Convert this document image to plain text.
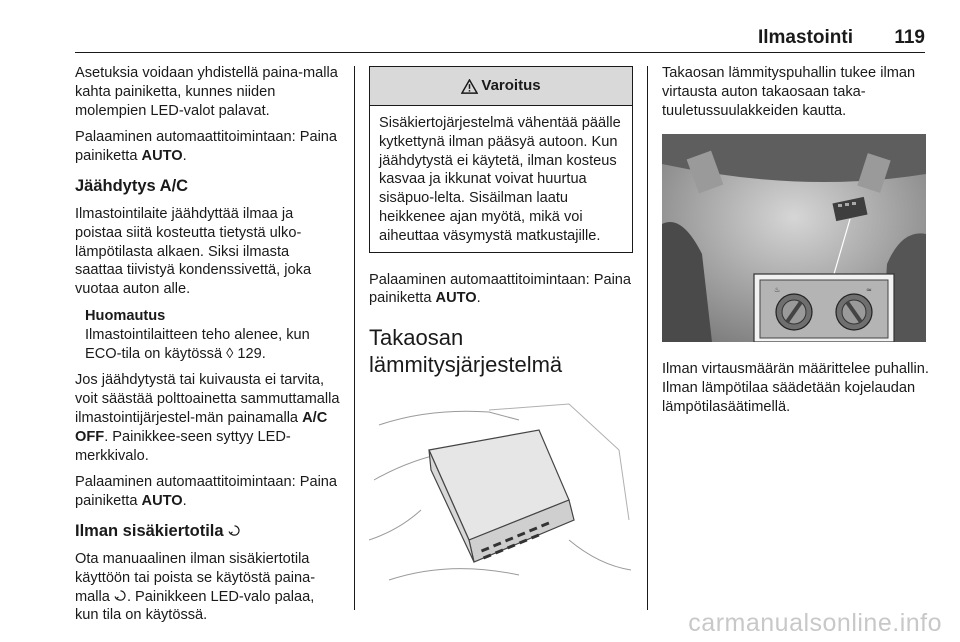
Ilmastointi 119

Asetuksia voidaan yhdistellä paina-malla kahta painiketta, kunnes niiden molempien LED-valot palavat.

Palaaminen automaattitoimintaan: Paina painiketta AUTO.

Jäähdytys A/C

Ilmastointilaite jäähdyttää ilmaa ja poistaa siitä kosteutta tietystä ulko-lämpötilasta alkaen. Siksi ilmasta saattaa tiivistyä kondenssivettä, joka vuotaa auton alle.

Huomautus
Ilmastointilaitteen teho alenee, kun ECO-tila on käytössä ◊ 129.

Jos jäähdytystä tai kuivausta ei tarvita, voit säästää polttoainetta sammuttamalla ilmastointijärjestel-män painamalla A/C OFF. Painikkee-seen syttyy LED-merkkivalo.

Palaaminen automaattitoimintaan: Paina painiketta AUTO.

Ilman sisäkiertotila

Ota manuaalinen ilman sisäkiertotila käyttöön tai poista se käytöstä paina-malla . Painikkeen LED-valo palaa, kun tila on käytössä.

Varoitus
Sisäkiertojärjestelmä vähentää päälle kytkettynä ilman pääsyä autoon. Kun jäähdytystä ei käytetä, ilman kosteus kasvaa ja ikkunat voivat huurtua sisäpuo-lelta. Sisäilman laatu heikkenee ajan myötä, mikä voi aiheuttaa väsymystä matkustajille.

Palaaminen automaattitoimintaan: Paina painiketta AUTO.

Takaosan lämmitysjärjestelmä

Takaosan lämmityspuhallin tukee ilman virtausta auton takaosaan taka-tuuletussuulakkeiden kautta.

♨	≈

Ilman virtausmäärän määrittelee puhallin. Ilman lämpötilaa säädetään kojelaudan lämpötilasäätimellä.

carmanualsonline.info
